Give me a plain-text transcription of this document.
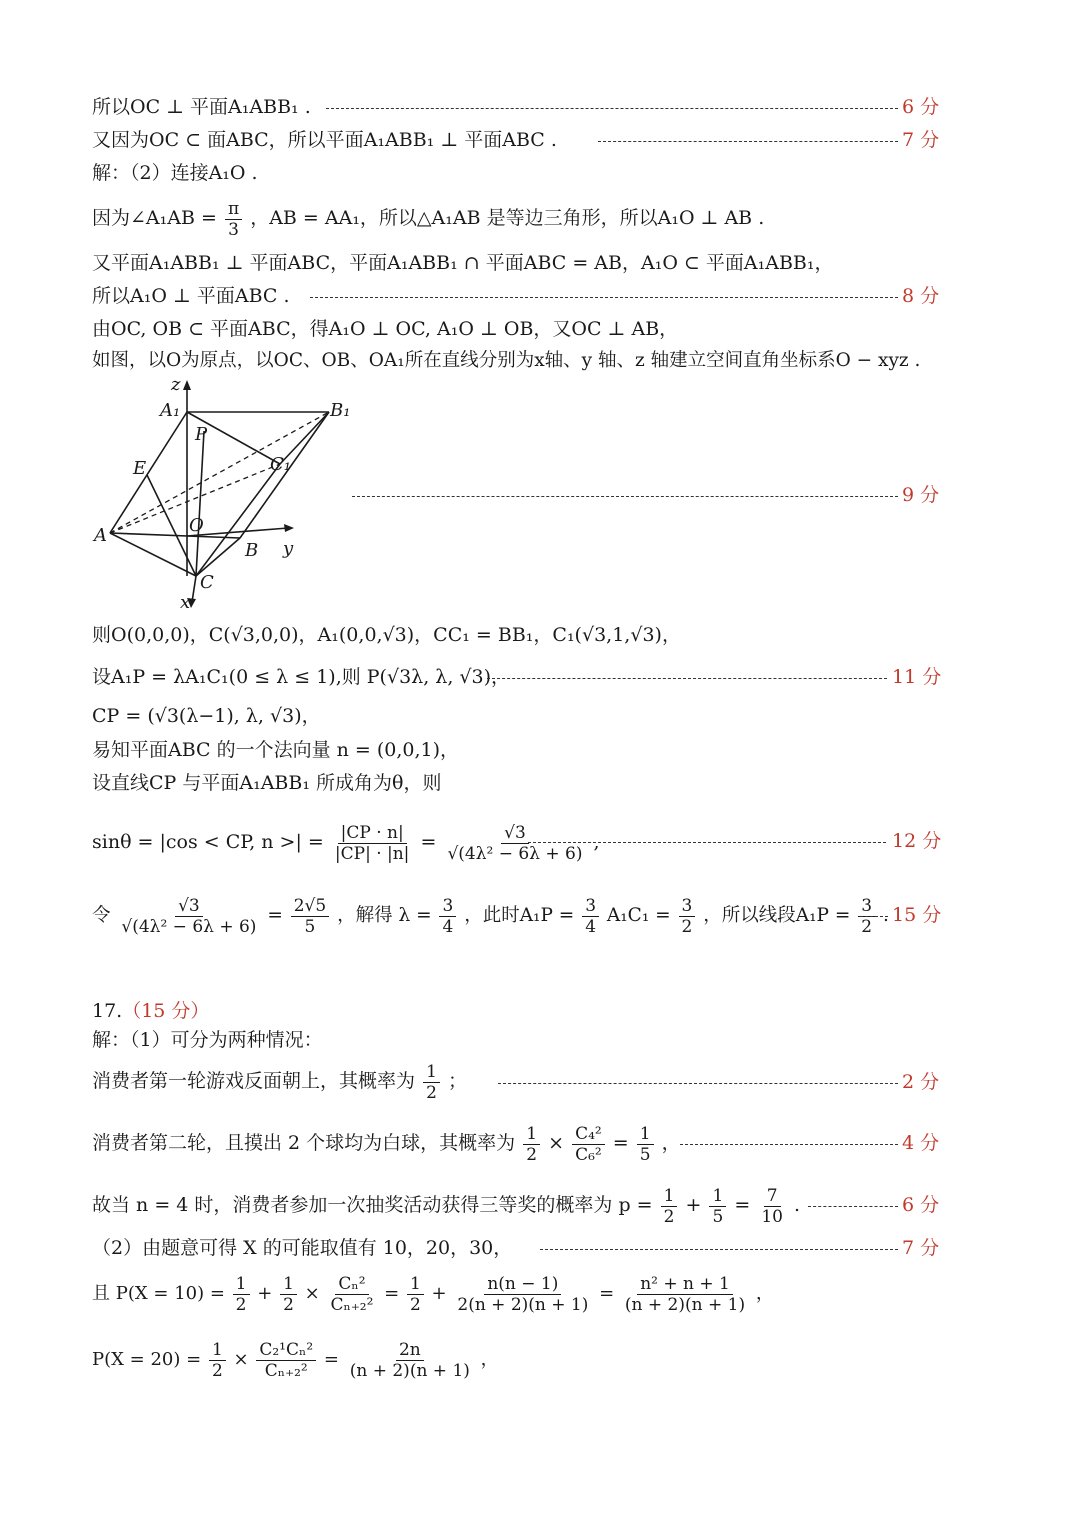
所以OC ⊥ 平面A₁ABB₁ .	6 分
又因为OC ⊂ 面ABC，所以平面A₁ABB₁ ⊥ 平面ABC .	7 分
解：（2）连接A₁O .
因为∠A₁AB = $\frac{\pi}{3}$ ，AB = AA₁，所以△A₁AB 是等边三角形，所以A₁O ⊥ AB .
又平面A₁ABB₁ ⊥ 平面ABC，平面A₁ABB₁ ∩ 平面ABC = AB，A₁O ⊂ 平面A₁ABB₁，
所以A₁O ⊥ 平面ABC .	8 分
由OC, OB ⊂ 平面ABC，得A₁O ⊥ OC, A₁O ⊥ OB，又OC ⊥ AB，
如图，以O为原点，以OC、OB、OA₁所在直线分别为x轴、y 轴、z 轴建立空间直角坐标系O − xyz .
z
A₁	B₁
P
C₁
E
O
A
B y
C
x
9 分
则O(0,0,0)，C(√3,0,0)，A₁(0,0,√3)，CC₁ = BB₁，C₁(√3,1,√3)，
设A₁P = λA₁C₁(0 ≤ λ ≤ 1),则 P(√3λ, λ, √3)，	11 分
CP = (√3(λ−1), λ, √3)，
易知平面ABC 的一个法向量 n = (0,0,1)，
设直线CP 与平面A₁ABB₁ 所成角为θ，则
sinθ = |cos < CP, n >| = $\frac{|CP \cdot n|}{|CP| \cdot |n|} = \frac{√3}{\text{√(4λ² − 6λ + 6)}}$ ,	12 分
令 $\frac{√3}{\text{√(4λ² − 6λ + 6)}} = \frac{2√5}{5}$ ，解得 $\lambda = \frac{3}{4}$ ，此时$A_1P = \frac{3}{4} A_1C_1 = \frac{3}{2}$ ，所以线段$A_1P = \frac{3}{2}$ . 15 分
17.（15 分）
解：（1）可分为两种情况：
消费者第一轮游戏反面朝上，其概率为 $\frac{1}{2}$ ；	2 分
消费者第二轮，且摸出 2 个球均为白球，其概率为 $\frac{1}{2} \times \frac{\text{C₄²}}{\text{C₆²}} = \frac{1}{5}$ ，	4 分
故当 n = 4 时，消费者参加一次抽奖活动获得三等奖的概率为 $p = \frac{1}{2} + \frac{1}{5} = \frac{7}{10}$ .	6 分
（2）由题意可得 X 的可能取值有 10，20，30，	7 分
且 $P(X = 10) = \frac{1}{2} + \frac{1}{2} \times \frac{\text{Cₙ²}}{\text{Cₙ₊₂²}} = \frac{1}{2} + \frac{n(n - 1)}{2(n + 2)(n + 1)} = \frac{\text{n² + n + 1}}{(n + 2)(n + 1)}$ ，
$P(X = 20) = \frac{1}{2} \times \frac{\text{C₂¹Cₙ²}}{\text{Cₙ₊₂²}} = \frac{2n}{(n + 2)(n + 1)}$ ，
